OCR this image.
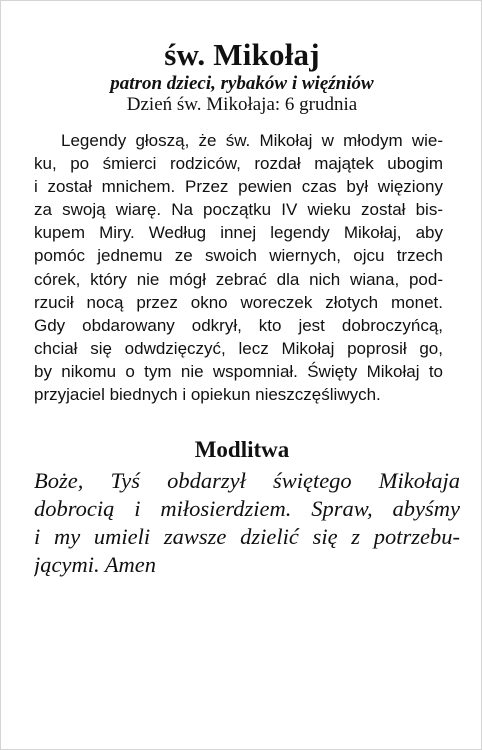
św. Mikołaj
patron dzieci, rybaków i więźniów
Dzień św. Mikołaja: 6 grudnia
Legendy głoszą, że św. Mikołaj w młodym wie-
ku, po śmierci rodziców, rozdał majątek ubogim
i został mnichem. Przez pewien czas był więziony
za swoją wiarę. Na początku IV wieku został bis-
kupem Miry. Według innej legendy Mikołaj, aby
pomóc jednemu ze swoich wiernych, ojcu trzech
córek, który nie mógł zebrać dla nich wiana, pod-
rzucił nocą przez okno woreczek złotych monet.
Gdy obdarowany odkrył, kto jest dobroczyńcą,
chciał się odwdzięczyć, lecz Mikołaj poprosił go,
by nikomu o tym nie wspomniał. Święty Mikołaj to
przyjaciel biednych i opiekun nieszczęśliwych.
Modlitwa
Boże, Tyś obdarzył świętego Mikołaja
dobrocią i miłosierdziem. Spraw, abyśmy
i my umieli zawsze dzielić się z potrzebu-
jącymi. Amen
